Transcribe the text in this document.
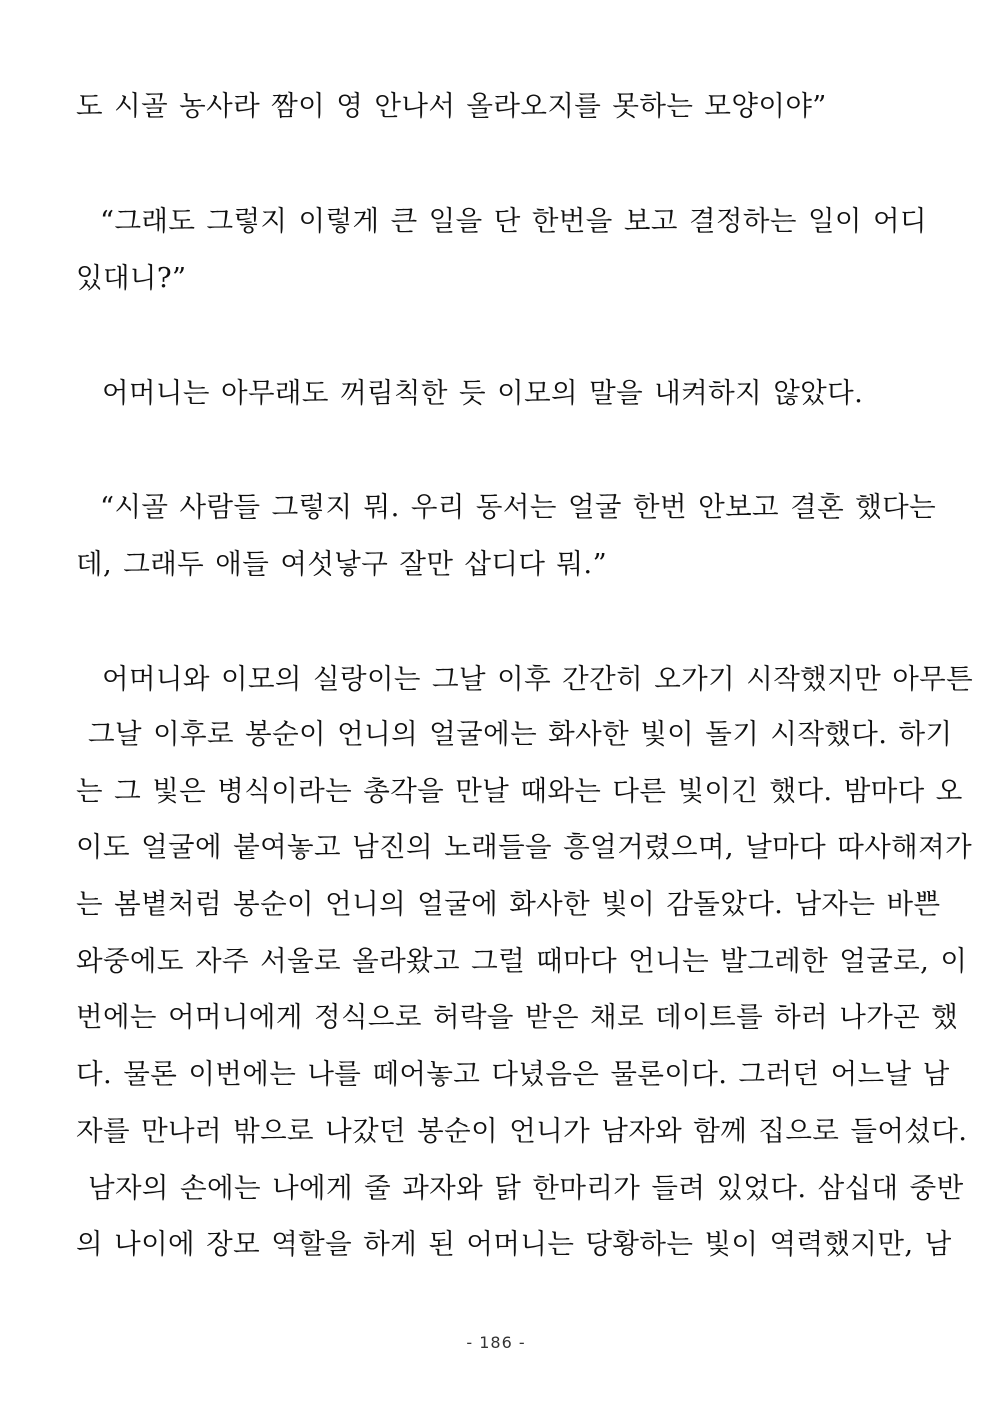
도 시골 농사라 짬이 영 안나서 올라오지를 못하는 모양이야”
“그래도 그렇지 이렇게 큰 일을 단 한번을 보고 결정하는 일이 어디
있대니?”
어머니는 아무래도 꺼림칙한 듯 이모의 말을 내켜하지 않았다.
“시골 사람들 그렇지 뭐. 우리 동서는 얼굴 한번 안보고 결혼 했다는
데, 그래두 애들 여섯낳구 잘만 삽디다 뭐.”
어머니와 이모의 실랑이는 그날 이후 간간히 오가기 시작했지만 아무튼
그날 이후로 봉순이 언니의 얼굴에는 화사한 빛이 돌기 시작했다. 하기
는 그 빛은 병식이라는 총각을 만날 때와는 다른 빛이긴 했다. 밤마다 오
이도 얼굴에 붙여놓고 남진의 노래들을 흥얼거렸으며, 날마다 따사해져가
는 봄볕처럼 봉순이 언니의 얼굴에 화사한 빛이 감돌았다. 남자는 바쁜
와중에도 자주 서울로 올라왔고 그럴 때마다 언니는 발그레한 얼굴로, 이
번에는 어머니에게 정식으로 허락을 받은 채로 데이트를 하러 나가곤 했
다. 물론 이번에는 나를 떼어놓고 다녔음은 물론이다. 그러던 어느날 남
자를 만나러 밖으로 나갔던 봉순이 언니가 남자와 함께 집으로 들어섰다.
남자의 손에는 나에게 줄 과자와 닭 한마리가 들려 있었다. 삼십대 중반
의 나이에 장모 역할을 하게 된 어머니는 당황하는 빛이 역력했지만, 남
- 186 -
